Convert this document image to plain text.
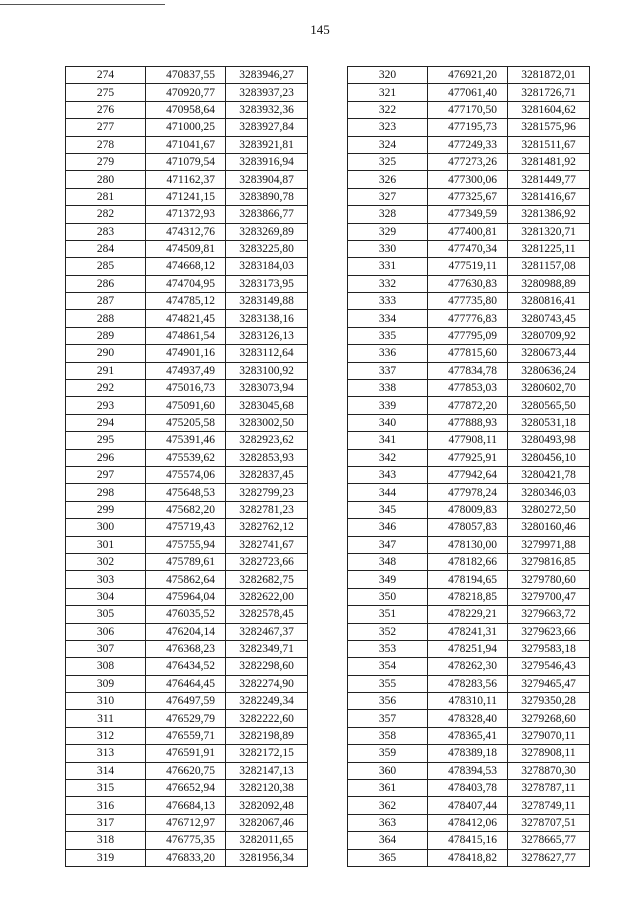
145
274	470837,55	3283946,27
275	470920,77	3283937,23
276	470958,64	3283932,36
277	471000,25	3283927,84
278	471041,67	3283921,81
279	471079,54	3283916,94
280	471162,37	3283904,87
281	471241,15	3283890,78
282	471372,93	3283866,77
283	474312,76	3283269,89
284	474509,81	3283225,80
285	474668,12	3283184,03
286	474704,95	3283173,95
287	474785,12	3283149,88
288	474821,45	3283138,16
289	474861,54	3283126,13
290	474901,16	3283112,64
291	474937,49	3283100,92
292	475016,73	3283073,94
293	475091,60	3283045,68
294	475205,58	3283002,50
295	475391,46	3282923,62
296	475539,62	3282853,93
297	475574,06	3282837,45
298	475648,53	3282799,23
299	475682,20	3282781,23
300	475719,43	3282762,12
301	475755,94	3282741,67
302	475789,61	3282723,66
303	475862,64	3282682,75
304	475964,04	3282622,00
305	476035,52	3282578,45
306	476204,14	3282467,37
307	476368,23	3282349,71
308	476434,52	3282298,60
309	476464,45	3282274,90
310	476497,59	3282249,34
311	476529,79	3282222,60
312	476559,71	3282198,89
313	476591,91	3282172,15
314	476620,75	3282147,13
315	476652,94	3282120,38
316	476684,13	3282092,48
317	476712,97	3282067,46
318	476775,35	3282011,65
319	476833,20	3281956,34
320	476921,20	3281872,01
321	477061,40	3281726,71
322	477170,50	3281604,62
323	477195,73	3281575,96
324	477249,33	3281511,67
325	477273,26	3281481,92
326	477300,06	3281449,77
327	477325,67	3281416,67
328	477349,59	3281386,92
329	477400,81	3281320,71
330	477470,34	3281225,11
331	477519,11	3281157,08
332	477630,83	3280988,89
333	477735,80	3280816,41
334	477776,83	3280743,45
335	477795,09	3280709,92
336	477815,60	3280673,44
337	477834,78	3280636,24
338	477853,03	3280602,70
339	477872,20	3280565,50
340	477888,93	3280531,18
341	477908,11	3280493,98
342	477925,91	3280456,10
343	477942,64	3280421,78
344	477978,24	3280346,03
345	478009,83	3280272,50
346	478057,83	3280160,46
347	478130,00	3279971,88
348	478182,66	3279816,85
349	478194,65	3279780,60
350	478218,85	3279700,47
351	478229,21	3279663,72
352	478241,31	3279623,66
353	478251,94	3279583,18
354	478262,30	3279546,43
355	478283,56	3279465,47
356	478310,11	3279350,28
357	478328,40	3279268,60
358	478365,41	3279070,11
359	478389,18	3278908,11
360	478394,53	3278870,30
361	478403,78	3278787,11
362	478407,44	3278749,11
363	478412,06	3278707,51
364	478415,16	3278665,77
365	478418,82	3278627,77
